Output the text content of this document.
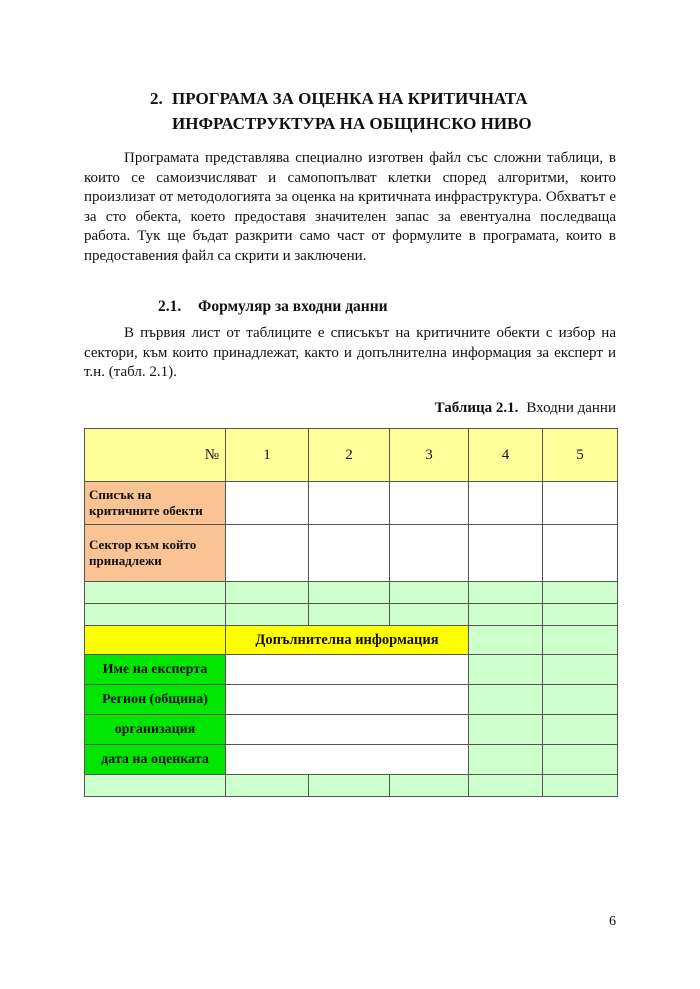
2. ПРОГРАМА ЗА ОЦЕНКА НА КРИТИЧНАТА
ИНФРАСТРУКТУРА НА ОБЩИНСКО НИВО

Програмата представлява специално изготвен файл със сложни таблици, в които се самоизчисляват и самопопълват клетки според алгоритми, които произлизат от методологията за оценка на критичната инфраструктура. Обхватът е за сто обекта, което предоставя значителен запас за евентуална последваща работа. Тук ще бъдат разкрити само част от формулите в програмата, които в предоставения файл са скрити и заключени.

2.1. Формуляр за входни данни

В първия лист от таблиците е списъкът на критичните обекти с избор на сектори, към които принадлежат, както и допълнителна информация за експерт и т.н. (табл. 2.1).

Таблица 2.1. Входни данни
№	1	2	3	4	5
Списък на критичните обекти					
Сектор към който принадлежи					

	Допълнителна информация				
Име на експерта					
Регион (община)					
организация					
дата на оценката					

6
